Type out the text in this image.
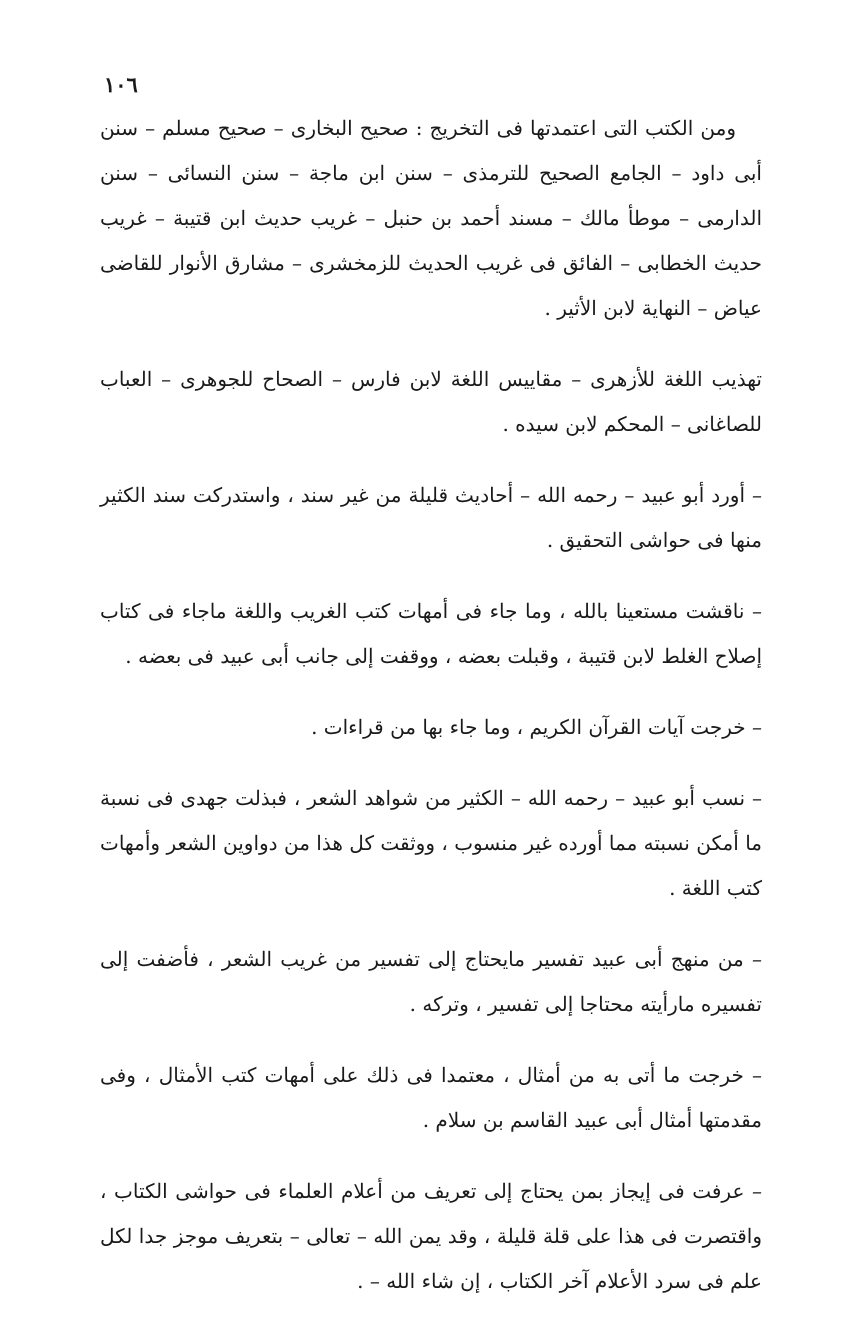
١٠٦

ومن الكتب التى اعتمدتها فى التخريج : صحيح البخارى – صحيح مسلم – سنن أبى داود – الجامع الصحيح للترمذى – سنن ابن ماجة – سنن النسائى – سنن الدارمى – موطأ مالك – مسند أحمد بن حنبل – غريب حديث ابن قتيبة – غريب حديث الخطابى – الفائق فى غريب الحديث للزمخشرى – مشارق الأنوار للقاضى عياض – النهاية لابن الأثير .

تهذيب اللغة للأزهرى – مقاييس اللغة لابن فارس – الصحاح للجوهرى – العباب للصاغانى – المحكم لابن سيده .

– أورد أبو عبيد – رحمه الله – أحاديث قليلة من غير سند ، واستدركت سند الكثير منها فى حواشى التحقيق .

– ناقشت مستعينا بالله ، وما جاء فى أمهات كتب الغريب واللغة ماجاء فى كتاب إصلاح الغلط لابن قتيبة ، وقبلت بعضه ، ووقفت إلى جانب أبى عبيد فى بعضه .

– خرجت آيات القرآن الكريم ، وما جاء بها من قراءات .

– نسب أبو عبيد – رحمه الله – الكثير من شواهد الشعر ، فبذلت جهدى فى نسبة ما أمكن نسبته مما أورده غير منسوب ، ووثقت كل هذا من دواوين الشعر وأمهات كتب اللغة .

– من منهج أبى عبيد تفسير مايحتاج إلى تفسير من غريب الشعر ، فأضفت إلى تفسيره مارأيته محتاجا إلى تفسير ، وتركه .

– خرجت ما أتى به من أمثال ، معتمدا فى ذلك على أمهات كتب الأمثال ، وفى مقدمتها أمثال أبى عبيد القاسم بن سلام .

– عرفت فى إيجاز بمن يحتاج إلى تعريف من أعلام العلماء فى حواشى الكتاب ، واقتصرت فى هذا على قلة قليلة ، وقد يمن الله – تعالى – بتعريف موجز جدا لكل علم فى سرد الأعلام آخر الكتاب ، إن شاء الله – .
